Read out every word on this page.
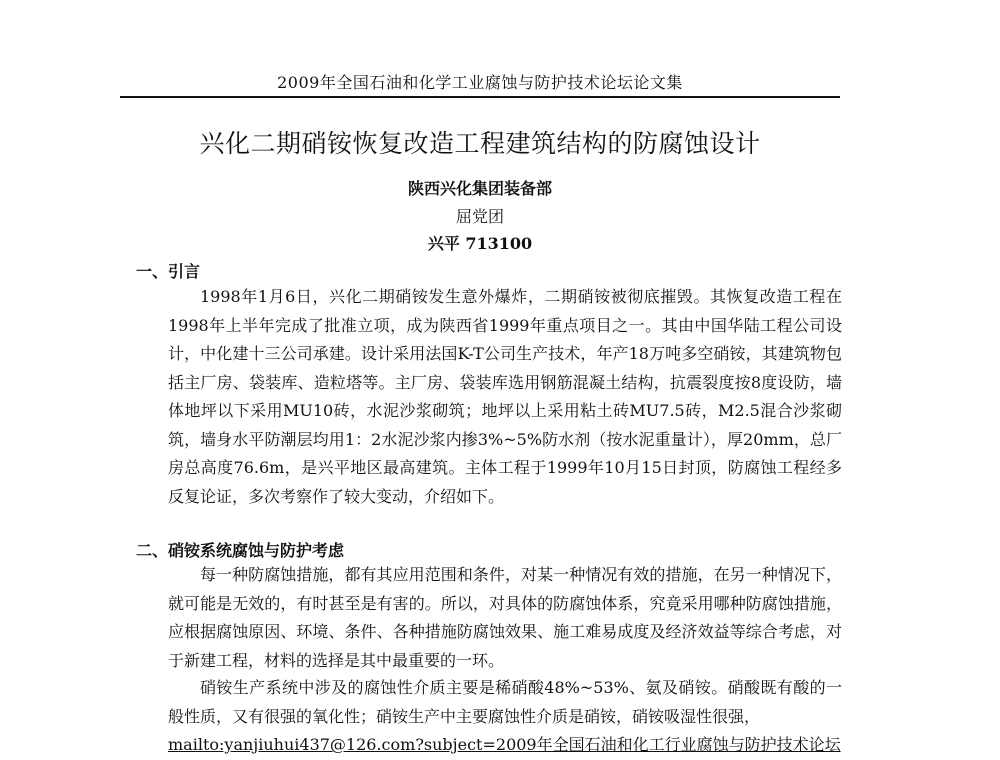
2009年全国石油和化学工业腐蚀与防护技术论坛论文集
兴化二期硝铵恢复改造工程建筑结构的防腐蚀设计
陕西兴化集团装备部
屈党团
兴平 713100
一、引言

1998年1月6日，兴化二期硝铵发生意外爆炸，二期硝铵被彻底摧毁。其恢复改造工程在1998年上半年完成了批准立项，成为陕西省1999年重点项目之一。其由中国华陆工程公司设计，中化建十三公司承建。设计采用法国K-T公司生产技术，年产18万吨多空硝铵，其建筑物包括主厂房、袋装库、造粒塔等。主厂房、袋装库选用钢筋混凝土结构，抗震裂度按8度设防，墙体地坪以下采用MU10砖，水泥沙浆砌筑；地坪以上采用粘土砖MU7.5砖，M2.5混合沙浆砌筑，墙身水平防潮层均用1：2水泥沙浆内掺3%~5%防水剂（按水泥重量计），厚20mm，总厂房总高度76.6m，是兴平地区最高建筑。主体工程于1999年10月15日封顶，防腐蚀工程经多反复论证，多次考察作了较大变动，介绍如下。

二、硝铵系统腐蚀与防护考虑

每一种防腐蚀措施，都有其应用范围和条件，对某一种情况有效的措施，在另一种情况下，就可能是无效的，有时甚至是有害的。所以，对具体的防腐蚀体系，究竟采用哪种防腐蚀措施，应根据腐蚀原因、环境、条件、各种措施防腐蚀效果、施工难易成度及经济效益等综合考虑，对于新建工程，材料的选择是其中最重要的一环。

硝铵生产系统中涉及的腐蚀性介质主要是稀硝酸48%~53%、氨及硝铵。硝酸既有酸的一般性质，又有很强的氧化性；硝铵生产中主要腐蚀性介质是硝铵，硝铵吸湿性很强，

mailto:yanjiuhui437@126.com?subject=2009年全国石油和化工行业腐蚀与防护技术论坛
